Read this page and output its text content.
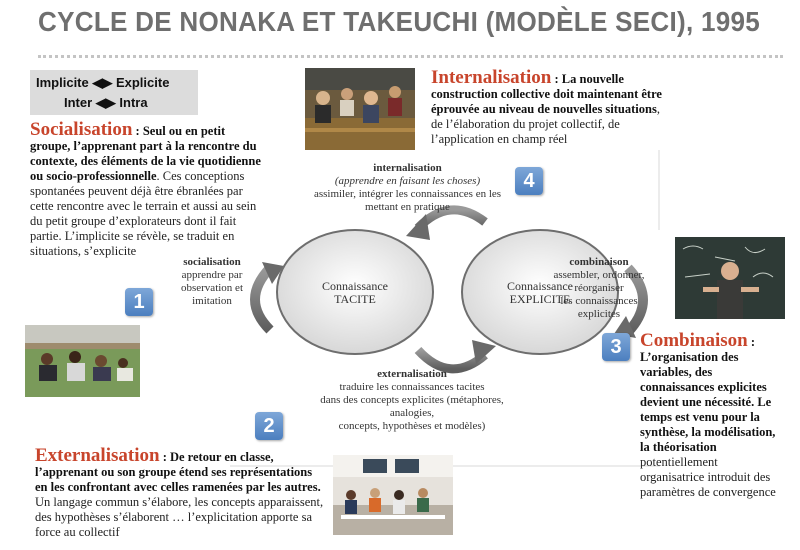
CYCLE DE NONAKA ET TAKEUCHI (MODÈLE SECI), 1995
Implicite ◀▶ Explicite
Inter ◀▶ Intra
Socialisation : Seul ou en petit groupe, l’apprenant part à la rencontre du contexte, des éléments de la vie quotidienne ou socio-professionnelle. Ces conceptions spontanées peuvent déjà être ébranlées par cette rencontre avec le terrain et aussi au sein du petit groupe d’explorateurs dont il fait partie. L’implicite se révèle, se traduit en situations, s’explicite
Internalisation : La nouvelle construction collective doit maintenant être éprouvée au niveau de nouvelles situations, de l’élaboration du projet collectif, de l’application en champ réel
Connaissance
TACITE
Connaissance
EXPLICITE
internalisation
(apprendre en faisant les choses)
assimiler, intégrer les connaissances en les
mettant en pratique
socialisation
apprendre par
observation et
imitation
combinaison
assembler, ordonner,
réorganiser
les connaissances
explicites
externalisation
traduire les connaissances tacites
dans des concepts explicites (métaphores, analogies,
concepts, hypothèses et modèles)
1
2
3
4
Combinaison :
L’organisation des variables, des connaissances explicites devient une nécessité. Le temps est venu pour la synthèse, la modélisation, la théorisation
potentiellement organisatrice introduit des paramètres de convergence
Externalisation : De retour en classe, l’apprenant ou son groupe étend ses représentations en les confrontant avec celles ramenées par les autres. Un langage commun s’élabore, les concepts apparaissent, des hypothèses s’élaborent … l’explicitation apporte sa force au collectif
